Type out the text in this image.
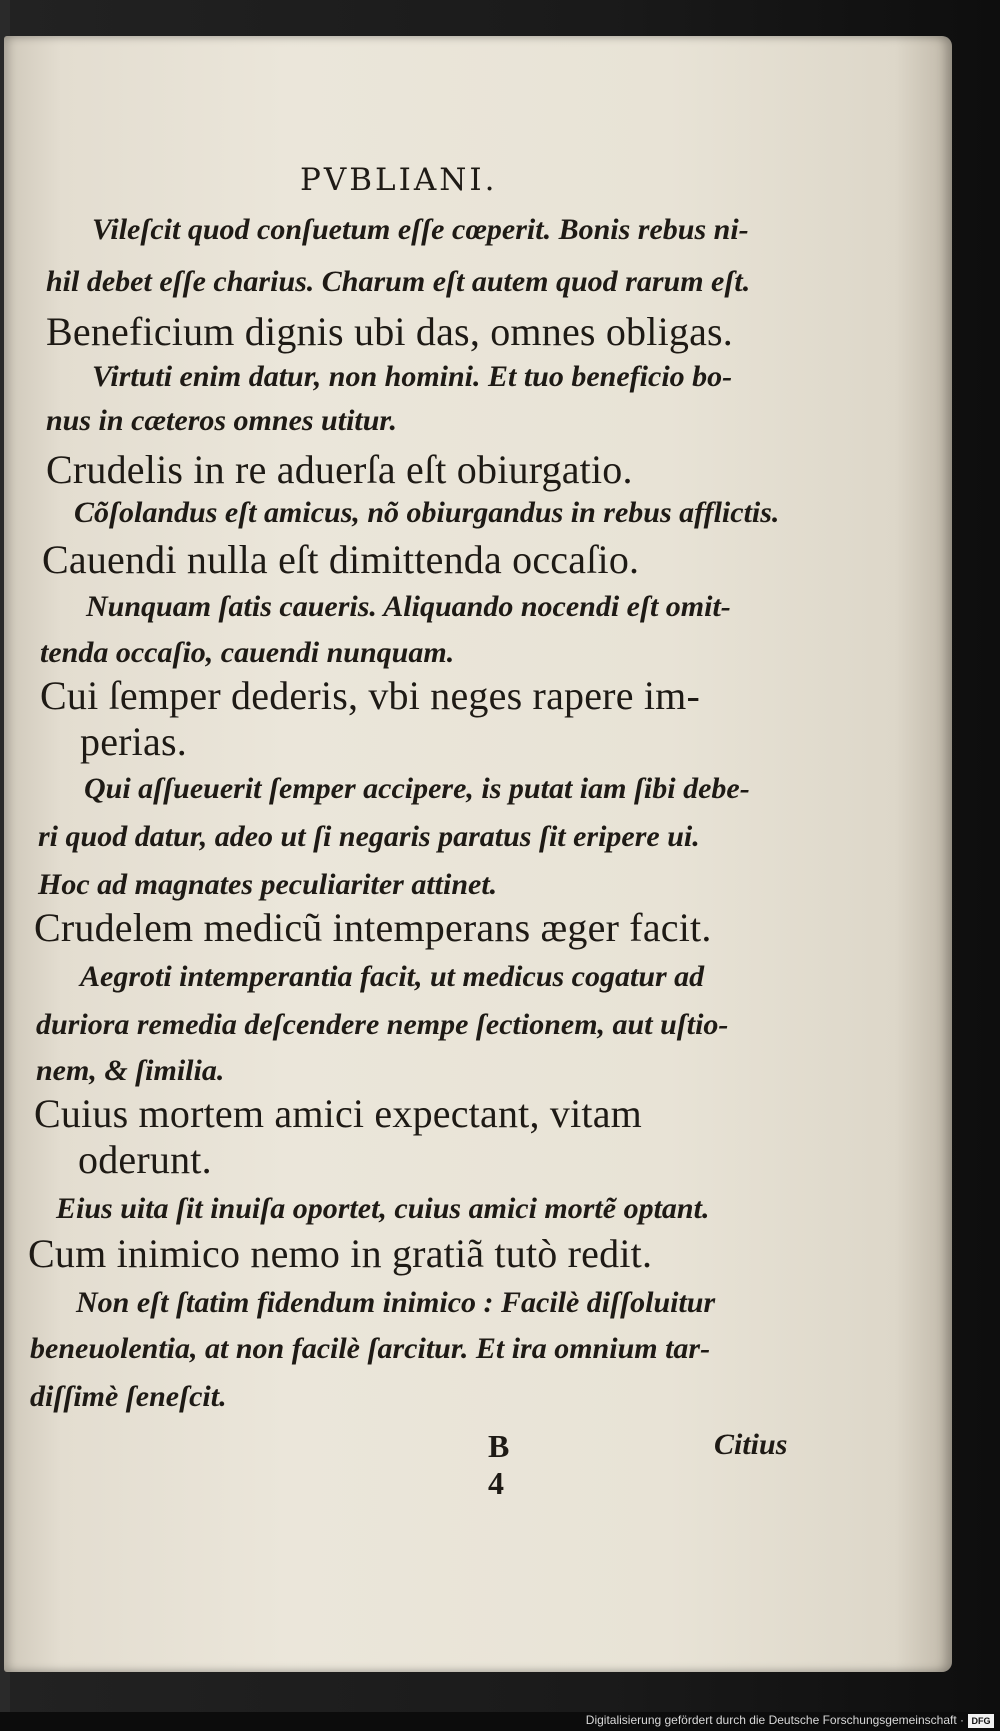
PVBLIANI.
Vileſcit quod conſuetum eſſe cœperit. Bonis rebus ni-
hil debet eſſe charius. Charum eſt autem quod rarum eſt.
Beneficium dignis ubi das, omnes obligas.
Virtuti enim datur, non homini. Et tuo beneficio bo-
nus in cæteros omnes utitur.
Crudelis in re aduerſa eſt obiurgatio.
Cõſolandus eſt amicus, nõ obiurgandus in rebus afflictis.
Cauendi nulla eſt dimittenda occaſio.
Nunquam ſatis caueris. Aliquando nocendi eſt omit-
tenda occaſio, cauendi nunquam.
Cui ſemper dederis, vbi neges rapere im-
perias.
Qui aſſueuerit ſemper accipere, is putat iam ſibi debe-
ri quod datur, adeo ut ſi negaris paratus ſit eripere ui.
Hoc ad magnates peculiariter attinet.
Crudelem medicũ intemperans æger facit.
Aegroti intemperantia facit, ut medicus cogatur ad
duriora remedia deſcendere nempe ſectionem, aut uſtio-
nem, & ſimilia.
Cuius mortem amici expectant, vitam
oderunt.
Eius uita ſit inuiſa oportet, cuius amici mortẽ optant.
Cum inimico nemo in gratiã tutò redit.
Non eſt ſtatim fidendum inimico : Facilè diſſoluitur
beneuolentia, at non facilè ſarcitur. Et ira omnium tar-
diſſimè ſeneſcit.
B 4
Citius
Digitalisierung gefördert durch die Deutsche Forschungsgemeinschaft · DFG
